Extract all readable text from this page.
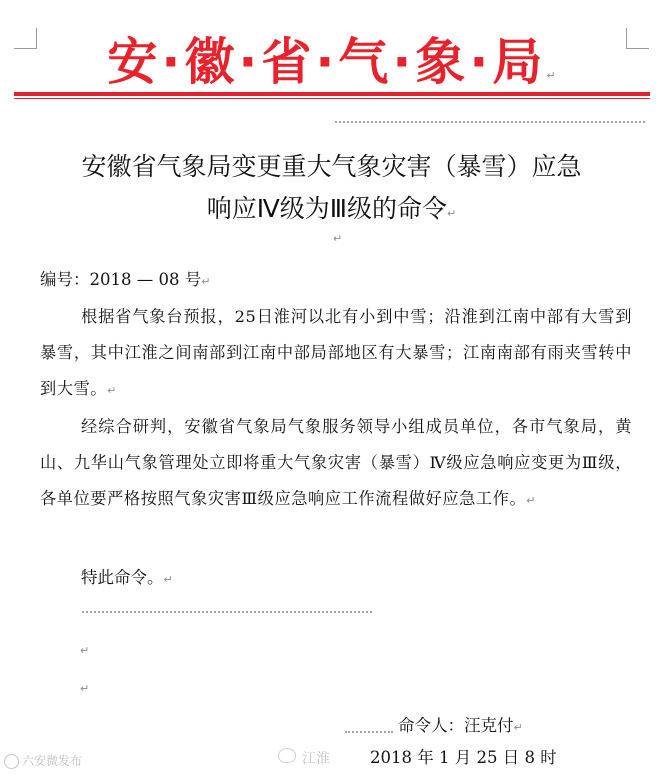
安·徽·省·气·象·局↵
安徽省气象局变更重大气象灾害（暴雪）应急
响应Ⅳ级为Ⅲ级的命令↵
↵
编号：2018 — 08 号↵
根据省气象台预报，25日淮河以北有小到中雪；沿淮到江南中部有大雪到暴雪，其中江淮之间南部到江南中部局部地区有大暴雪；江南南部有雨夹雪转中到大雪。↵
经综合研判，安徽省气象局气象服务领导小组成员单位，各市气象局，黄山、九华山气象管理处立即将重大气象灾害（暴雪）Ⅳ级应急响应变更为Ⅲ级，各单位要严格按照气象灾害Ⅲ级应急响应工作流程做好应急工作。↵
特此命令。↵
↵
↵
命令人：汪克付↵
2018 年 1 月 25 日 8 时
六安微发布	江淮
